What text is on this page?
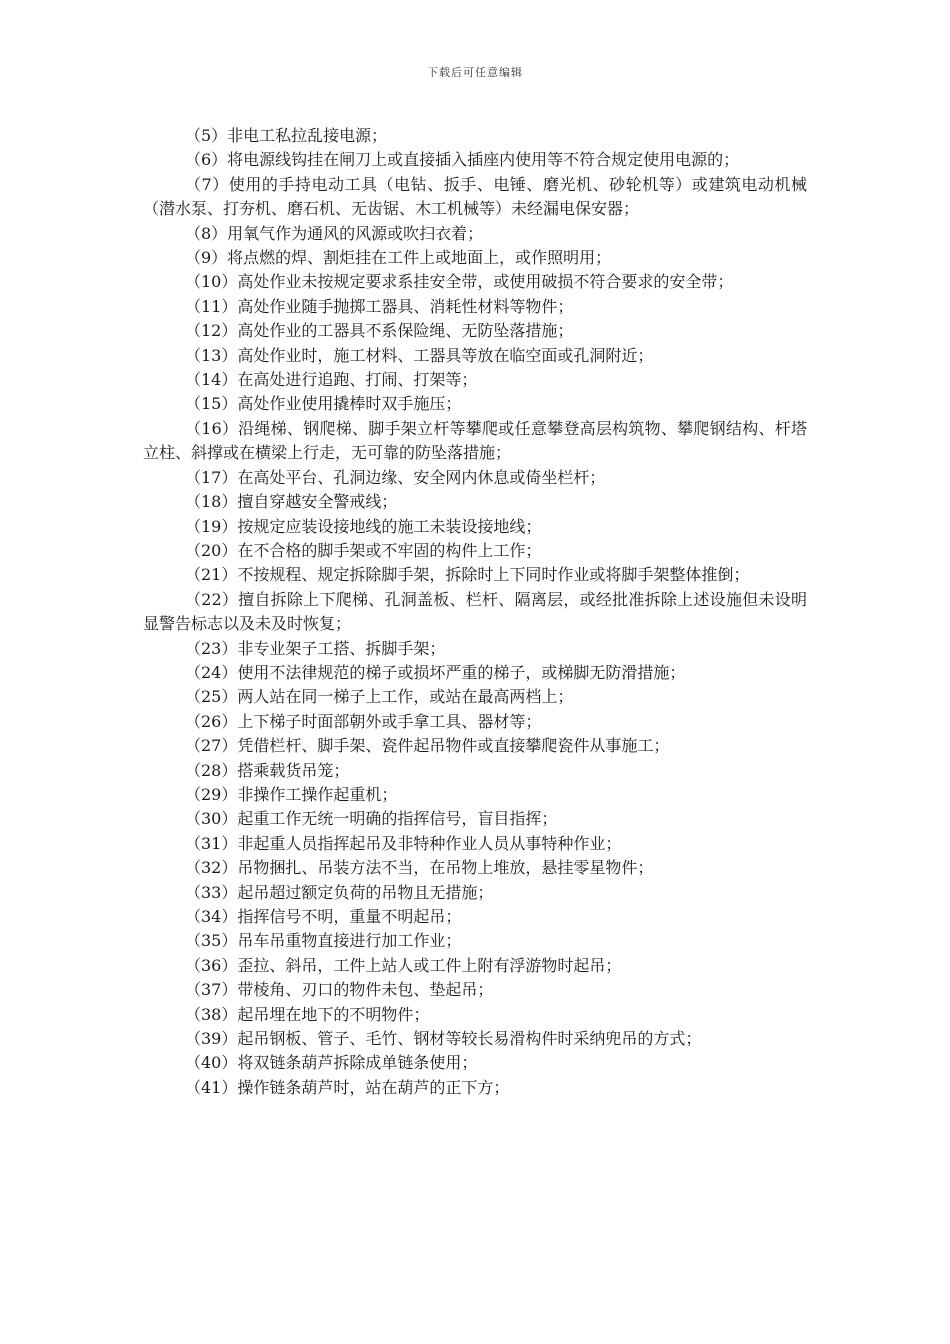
下载后可任意编辑

（5）非电工私拉乱接电源；

（6）将电源线钩挂在闸刀上或直接插入插座内使用等不符合规定使用电源的；

（7）使用的手持电动工具（电钻、扳手、电锤、磨光机、砂轮机等）或建筑电动机械（潜水泵、打夯机、磨石机、无齿锯、木工机械等）未经漏电保安器；

（8）用氧气作为通风的风源或吹扫衣着；

（9）将点燃的焊、割炬挂在工件上或地面上，或作照明用；

（10）高处作业未按规定要求系挂安全带，或使用破损不符合要求的安全带；

（11）高处作业随手抛掷工器具、消耗性材料等物件；

（12）高处作业的工器具不系保险绳、无防坠落措施；

（13）高处作业时，施工材料、工器具等放在临空面或孔洞附近；

（14）在高处进行追跑、打闹、打架等；

（15）高处作业使用撬棒时双手施压；

（16）沿绳梯、钢爬梯、脚手架立杆等攀爬或任意攀登高层构筑物、攀爬钢结构、杆塔立柱、斜撑或在横梁上行走，无可靠的防坠落措施；

（17）在高处平台、孔洞边缘、安全网内休息或倚坐栏杆；

（18）擅自穿越安全警戒线；

（19）按规定应装设接地线的施工未装设接地线；

（20）在不合格的脚手架或不牢固的构件上工作；

（21）不按规程、规定拆除脚手架，拆除时上下同时作业或将脚手架整体推倒；

（22）擅自拆除上下爬梯、孔洞盖板、栏杆、隔离层，或经批准拆除上述设施但未设明显警告标志以及未及时恢复；

（23）非专业架子工搭、拆脚手架；

（24）使用不法律规范的梯子或损坏严重的梯子，或梯脚无防滑措施；

（25）两人站在同一梯子上工作，或站在最高两档上；

（26）上下梯子时面部朝外或手拿工具、器材等；

（27）凭借栏杆、脚手架、瓷件起吊物件或直接攀爬瓷件从事施工；

（28）搭乘载货吊笼；

（29）非操作工操作起重机；

（30）起重工作无统一明确的指挥信号，盲目指挥；

（31）非起重人员指挥起吊及非特种作业人员从事特种作业；

（32）吊物捆扎、吊装方法不当，在吊物上堆放，悬挂零星物件；

（33）起吊超过额定负荷的吊物且无措施；

（34）指挥信号不明，重量不明起吊；

（35）吊车吊重物直接进行加工作业；

（36）歪拉、斜吊，工件上站人或工件上附有浮游物时起吊；

（37）带棱角、刃口的物件未包、垫起吊；

（38）起吊埋在地下的不明物件；

（39）起吊钢板、管子、毛竹、钢材等较长易滑构件时采纳兜吊的方式；

（40）将双链条葫芦拆除成单链条使用；

（41）操作链条葫芦时，站在葫芦的正下方；
